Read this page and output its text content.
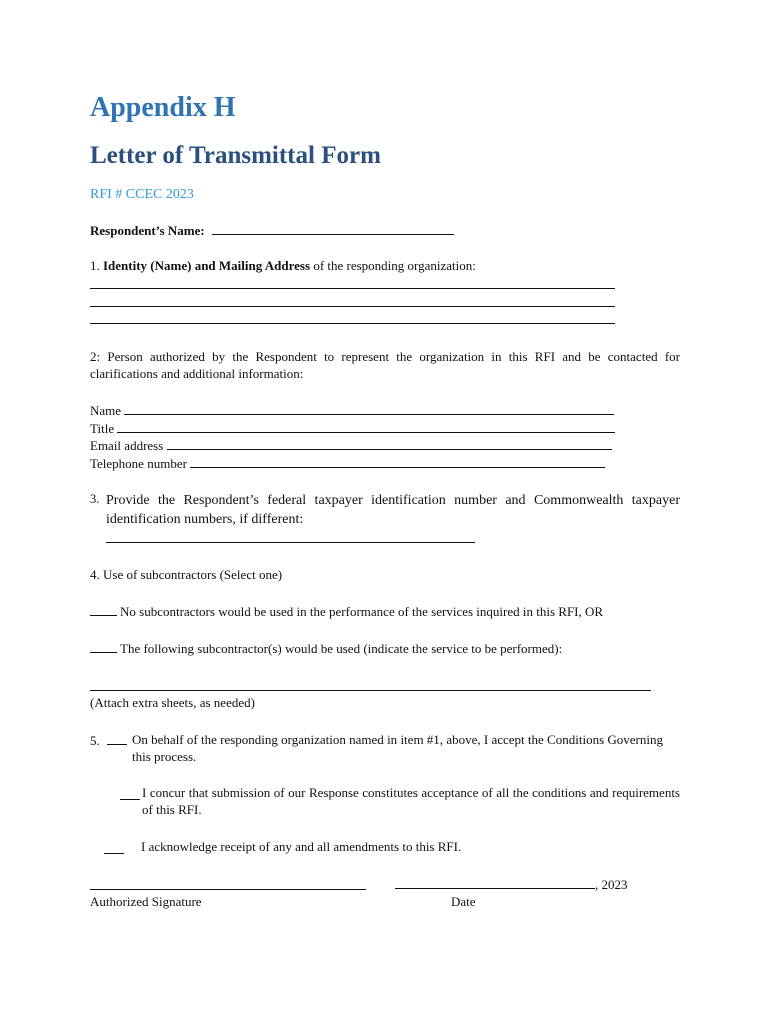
Appendix H
Letter of Transmittal Form
RFI # CCEC 2023
Respondent’s Name:
1. Identity (Name) and Mailing Address of the responding organization:
2: Person authorized by the Respondent to represent the organization in this RFI and be contacted for clarifications and additional information:
Name
Title
Email address
Telephone number
3. Provide the Respondent’s federal taxpayer identification number and Commonwealth taxpayer identification numbers, if different:
4. Use of subcontractors (Select one)
No subcontractors would be used in the performance of the services inquired in this RFI, OR
The following subcontractor(s) would be used (indicate the service to be performed):
(Attach extra sheets, as needed)
5.	On behalf of the responding organization named in item #1, above, I accept the Conditions Governing this process.
I concur that submission of our Response constitutes acceptance of all the conditions and requirements of this RFI.
I acknowledge receipt of any and all amendments to this RFI.
, 2023
Authorized Signature	Date
